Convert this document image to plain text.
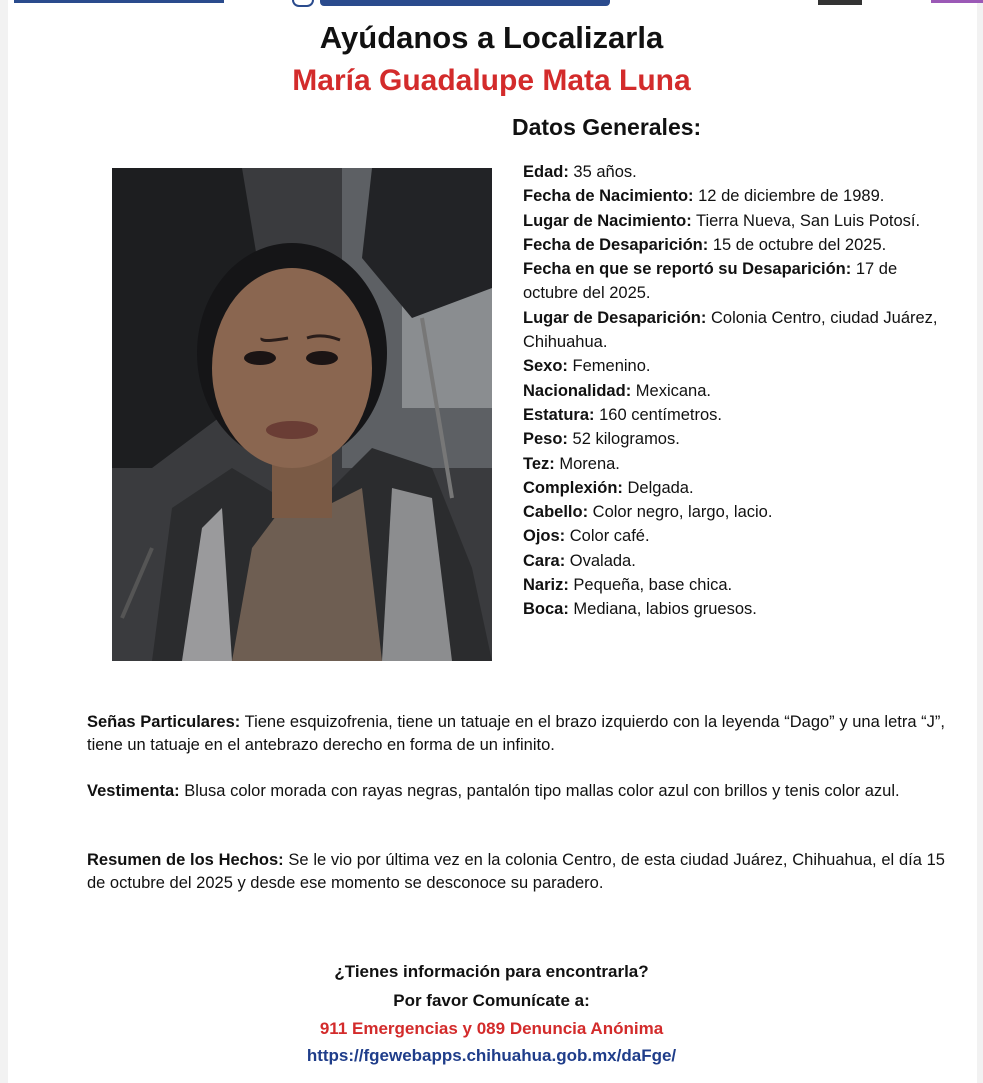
Ayúdanos a Localizarla
María Guadalupe Mata Luna
Datos Generales:
Edad: 35 años.
Fecha de Nacimiento: 12 de diciembre de 1989.
Lugar de Nacimiento: Tierra Nueva, San Luis Potosí.
Fecha de Desaparición: 15 de octubre del 2025.
Fecha en que se reportó su Desaparición: 17 de octubre del 2025.
Lugar de Desaparición: Colonia Centro, ciudad Juárez, Chihuahua.
Sexo: Femenino.
Nacionalidad: Mexicana.
Estatura: 160 centímetros.
Peso: 52 kilogramos.
Tez: Morena.
Complexión: Delgada.
Cabello: Color negro, largo, lacio.
Ojos: Color café.
Cara: Ovalada.
Nariz: Pequeña, base chica.
Boca: Mediana, labios gruesos.
Señas Particulares: Tiene esquizofrenia, tiene un tatuaje en el brazo izquierdo con la leyenda “Dago” y una letra “J”, tiene un tatuaje en el antebrazo derecho en forma de un infinito.
Vestimenta: Blusa color morada con rayas negras, pantalón tipo mallas color azul con brillos y tenis color azul.
Resumen de los Hechos: Se le vio por última vez en la colonia Centro, de esta ciudad Juárez, Chihuahua, el día 15 de octubre del 2025 y desde ese momento se desconoce su paradero.
¿Tienes información para encontrarla?
Por favor Comunícate a:
911 Emergencias y 089 Denuncia Anónima
https://fgewebapps.chihuahua.gob.mx/daFge/
